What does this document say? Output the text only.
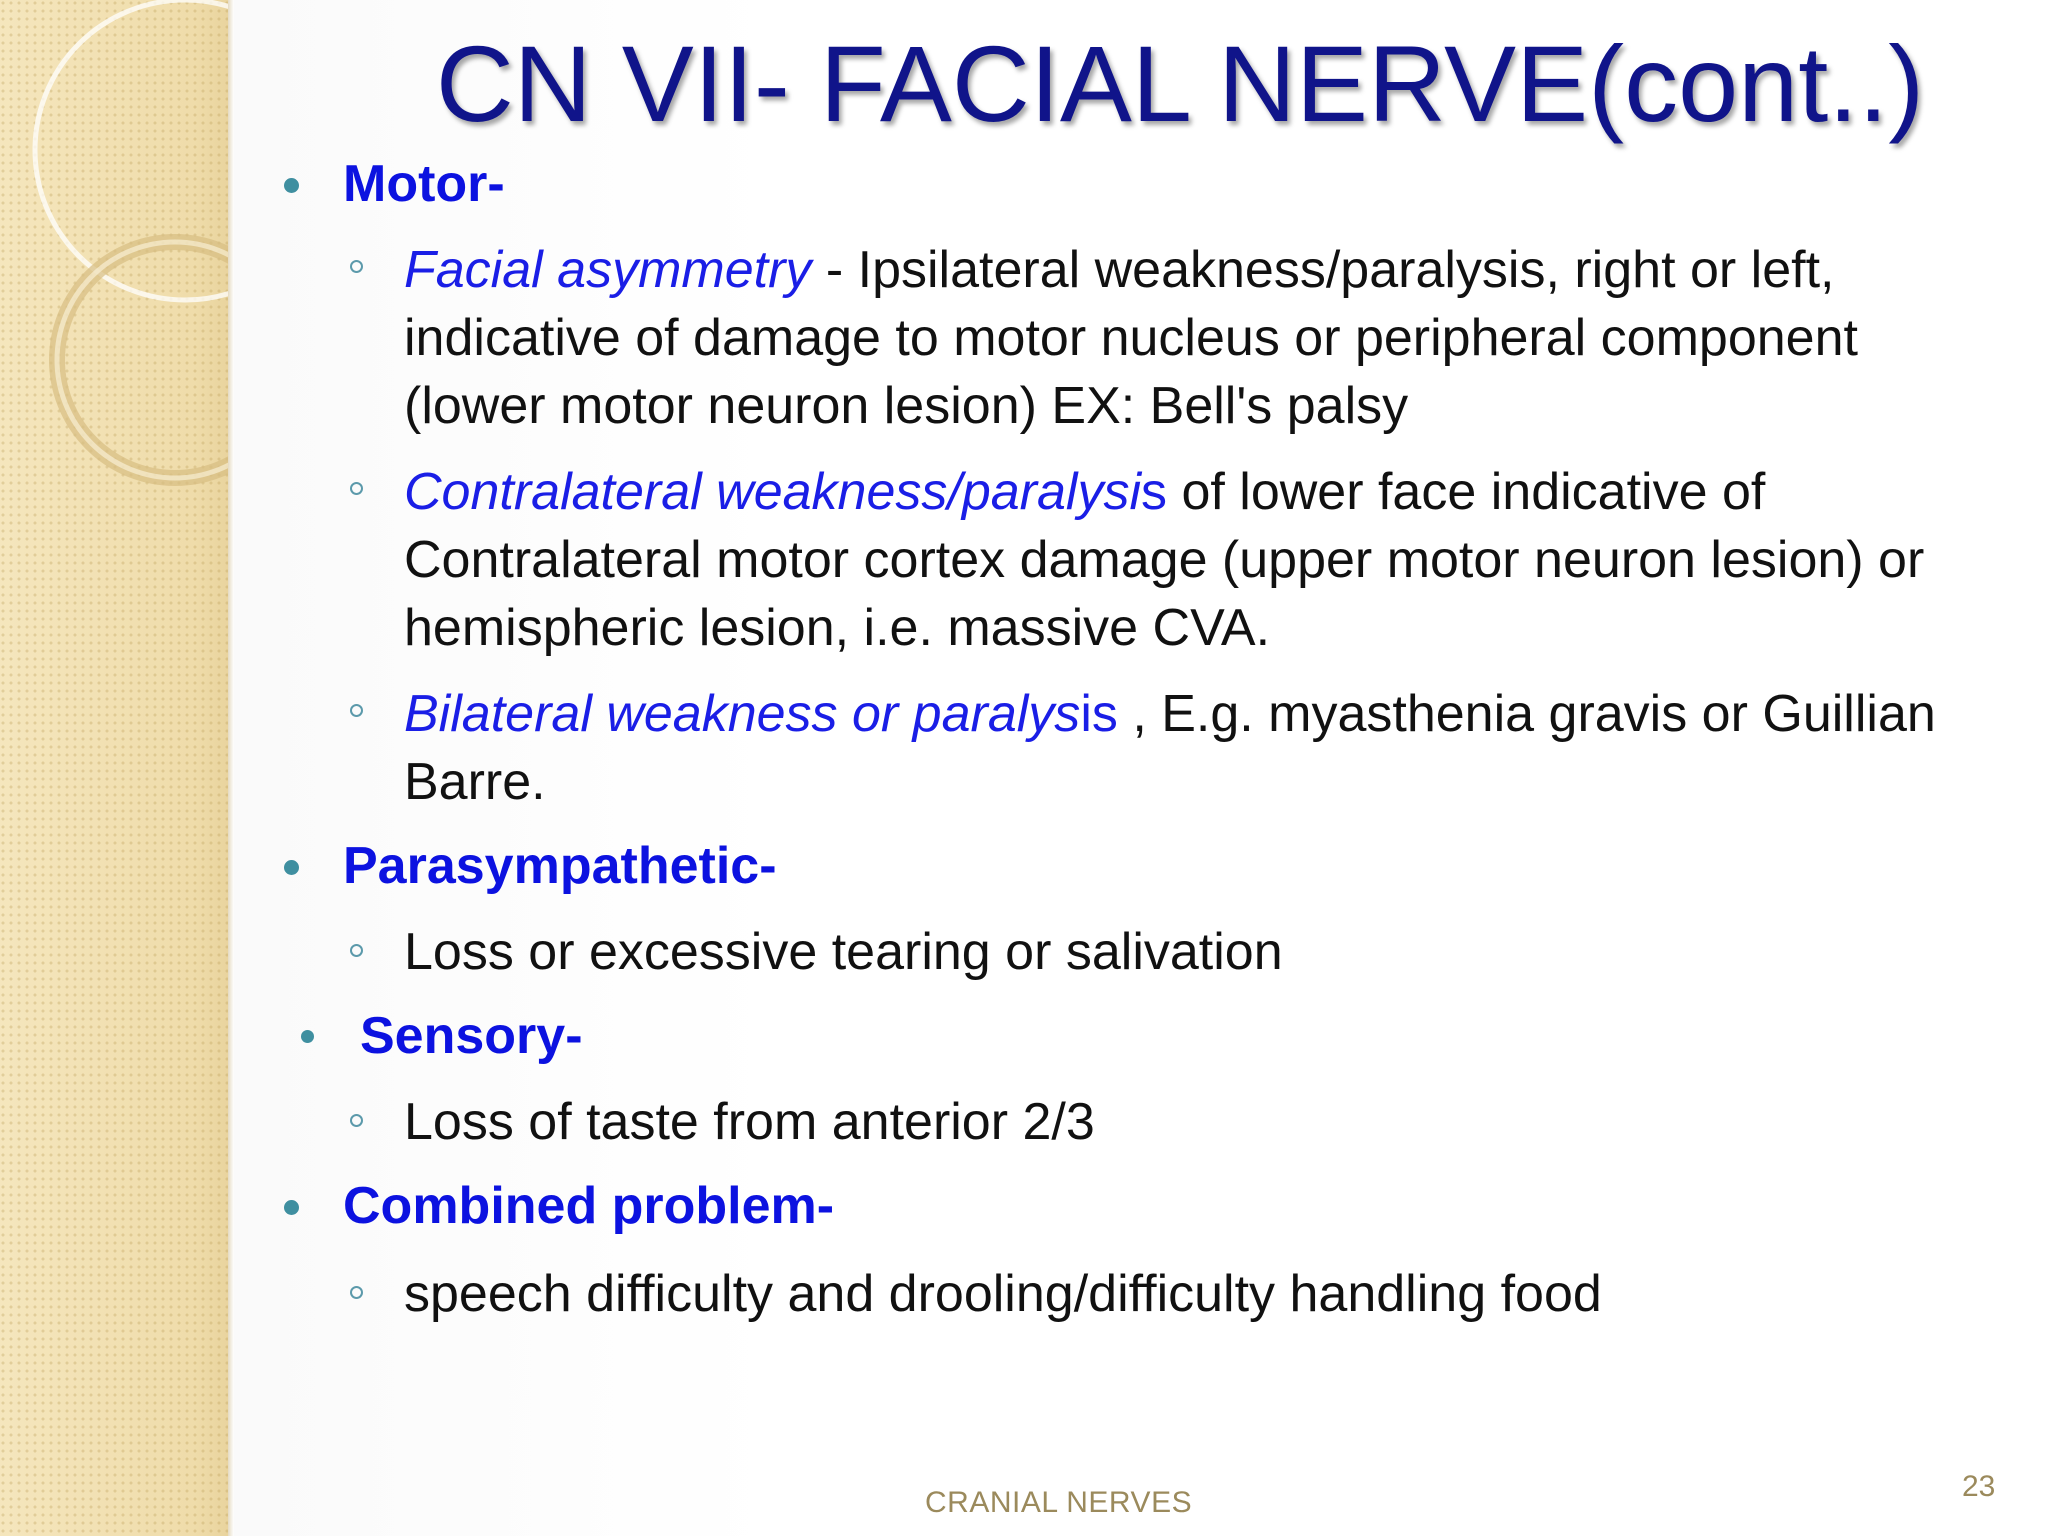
CN VII- FACIAL NERVE(cont..)
Motor-
Facial asymmetry - Ipsilateral weakness/paralysis, right or left, indicative of damage to motor nucleus or peripheral component (lower motor neuron lesion) EX: Bell's palsy
Contralateral weakness/paralysis of lower face indicative of Contralateral motor cortex damage (upper motor neuron lesion) or hemispheric lesion, i.e. massive CVA.
Bilateral weakness or paralysis , E.g. myasthenia gravis or Guillian Barre.
Parasympathetic-
Loss or excessive tearing or salivation
Sensory-
Loss of taste from anterior 2/3
Combined problem-
speech difficulty and drooling/difficulty handling food
CRANIAL NERVES	23
